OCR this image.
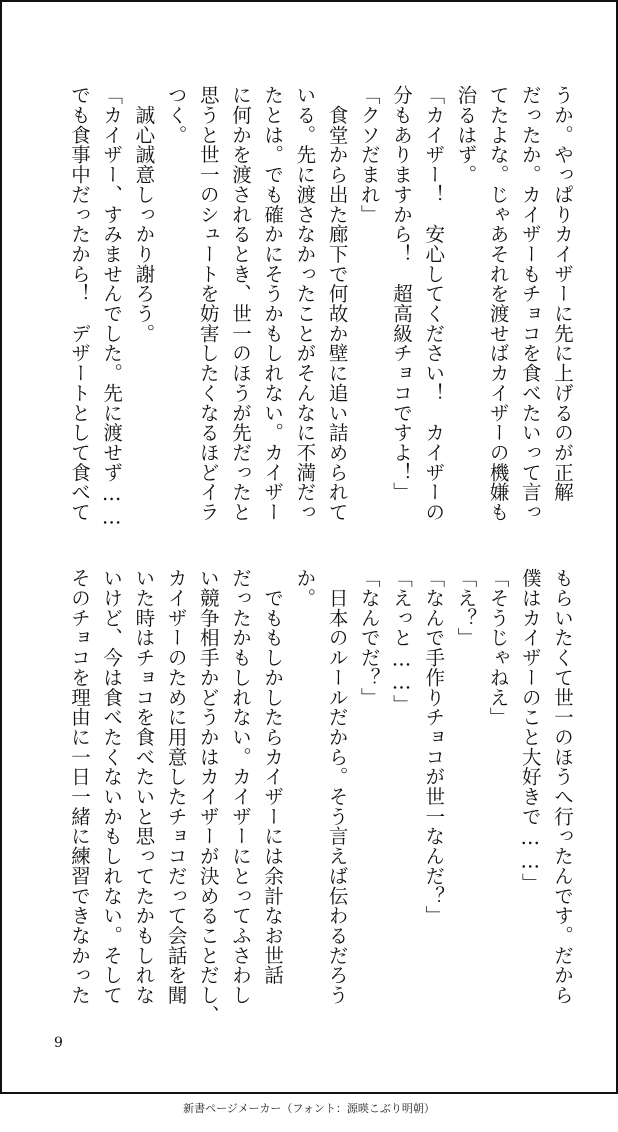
うか。やっぱりカイザーに先に上げるのが正解

だったか。カイザーもチョコを食べたいって言っ

てたよな。じゃあそれを渡せばカイザーの機嫌も

治るはず。

「カイザー！　安心してください！　カイザーの

分もありますから！　超高級チョコですよ！」

「クソだまれ」

　食堂から出た廊下で何故か壁に追い詰められて

いる。先に渡さなかったことがそんなに不満だっ

たとは。でも確かにそうかもしれない。カイザー

に何かを渡されるとき、世一のほうが先だったと

思うと世一のシュートを妨害したくなるほどイラ

つく。

　誠心誠意しっかり謝ろう。

「カイザー、すみませんでした。先に渡せず……

でも食事中だったから！　デザートとして食べて

もらいたくて世一のほうへ行ったんです。だから

僕はカイザーのこと大好きで……」

「そうじゃねえ」

「え？」

「なんで手作りチョコが世一なんだ？」

「えっと……」

「なんでだ？」

　日本のルールだから。そう言えば伝わるだろう

か。

　でももしかしたらカイザーには余計なお世話

だったかもしれない。カイザーにとってふさわし

い競争相手かどうかはカイザーが決めることだし、

カイザーのために用意したチョコだって会話を聞

いた時はチョコを食べたいと思ってたかもしれな

いけど、今は食べたくないかもしれない。そして

そのチョコを理由に一日一緒に練習できなかった

9
新書ページメーカー（フォント：源暎こぶり明朝）
